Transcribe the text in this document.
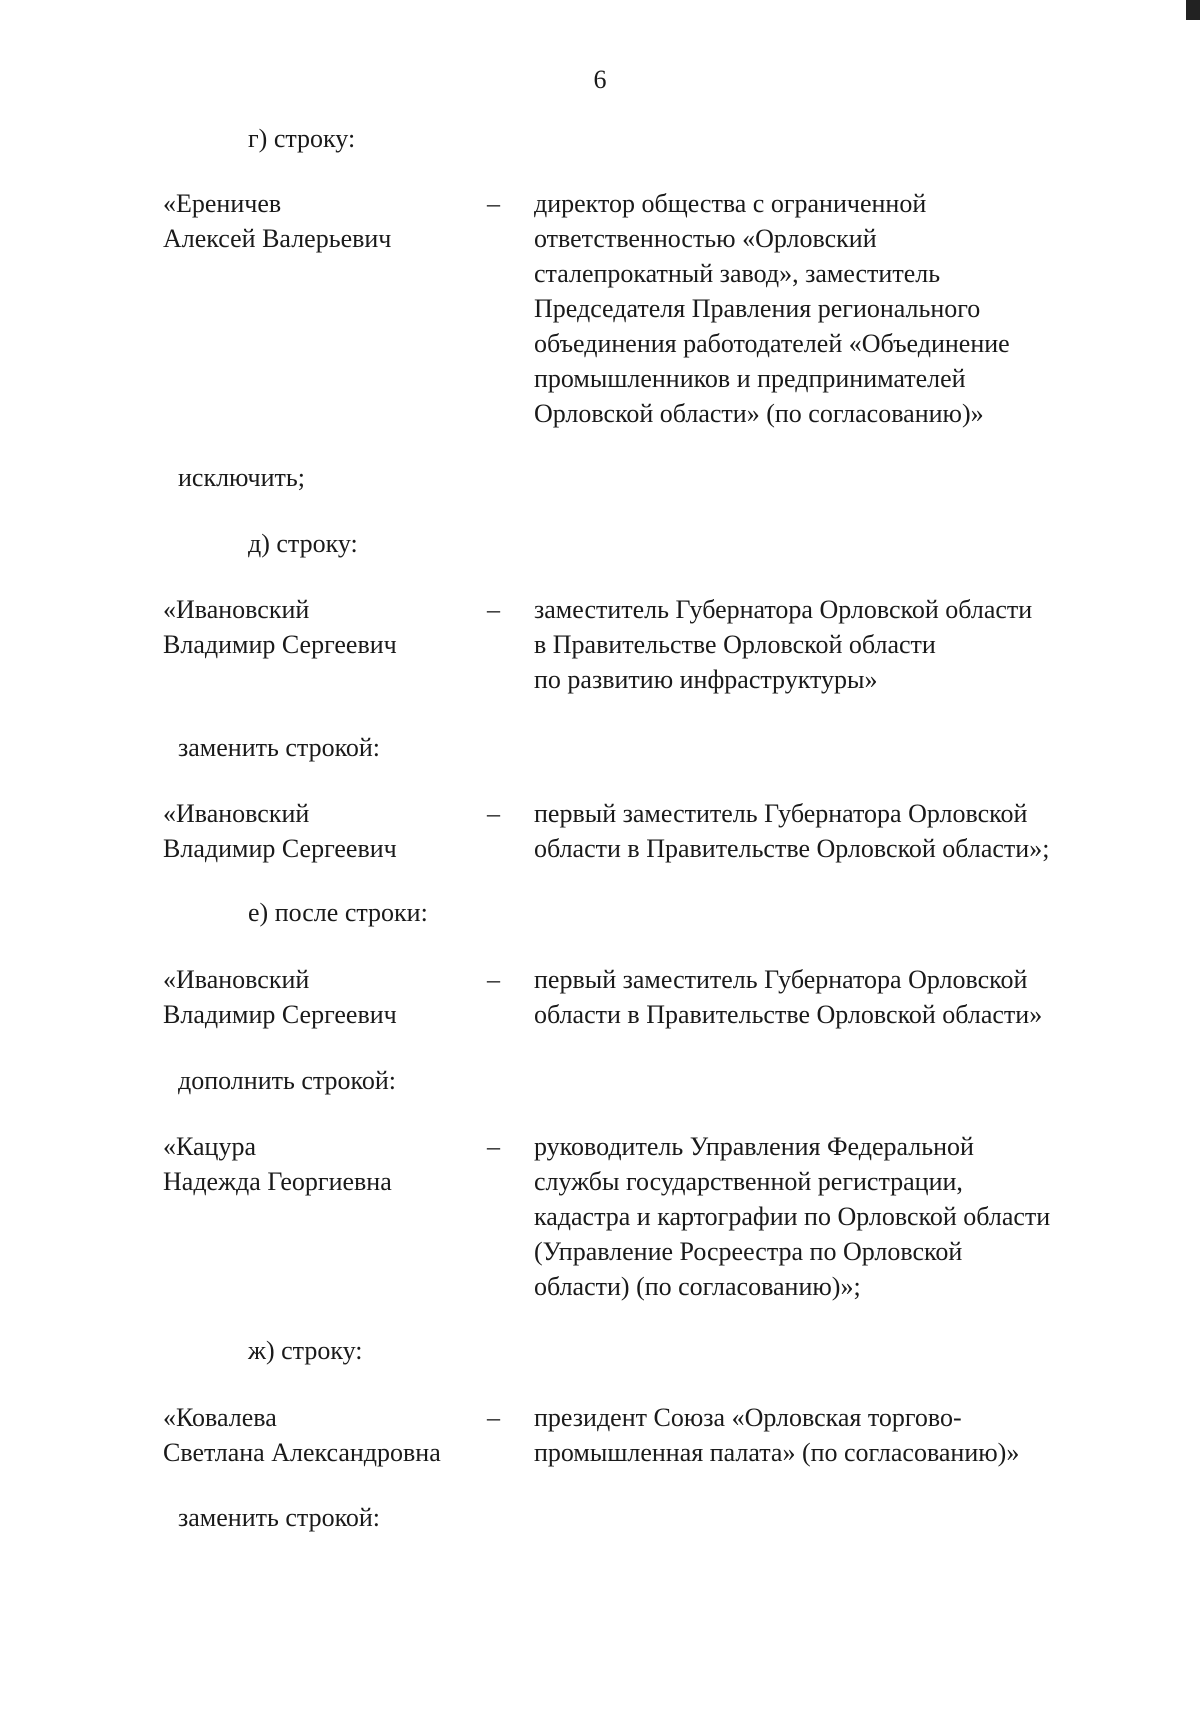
6
г) строку:
«Ереничев
Алексей Валерьевич
– директор общества с ограниченной
ответственностью «Орловский
сталепрокатный завод», заместитель
Председателя Правления регионального
объединения работодателей «Объединение
промышленников и предпринимателей
Орловской области» (по согласованию)»
исключить;
д) строку:
«Ивановский
Владимир Сергеевич
– заместитель Губернатора Орловской области
в Правительстве Орловской области
по развитию инфраструктуры»
заменить строкой:
«Ивановский
Владимир Сергеевич
– первый заместитель Губернатора Орловской
области в Правительстве Орловской области»;
е) после строки:
«Ивановский
Владимир Сергеевич
– первый заместитель Губернатора Орловской
области в Правительстве Орловской области»
дополнить строкой:
«Кацура
Надежда Георгиевна
– руководитель Управления Федеральной
службы государственной регистрации,
кадастра и картографии по Орловской области
(Управление Росреестра по Орловской
области) (по согласованию)»;
ж) строку:
«Ковалева
Светлана Александровна
– президент Союза «Орловская торгово-
промышленная палата» (по согласованию)»
заменить строкой:
